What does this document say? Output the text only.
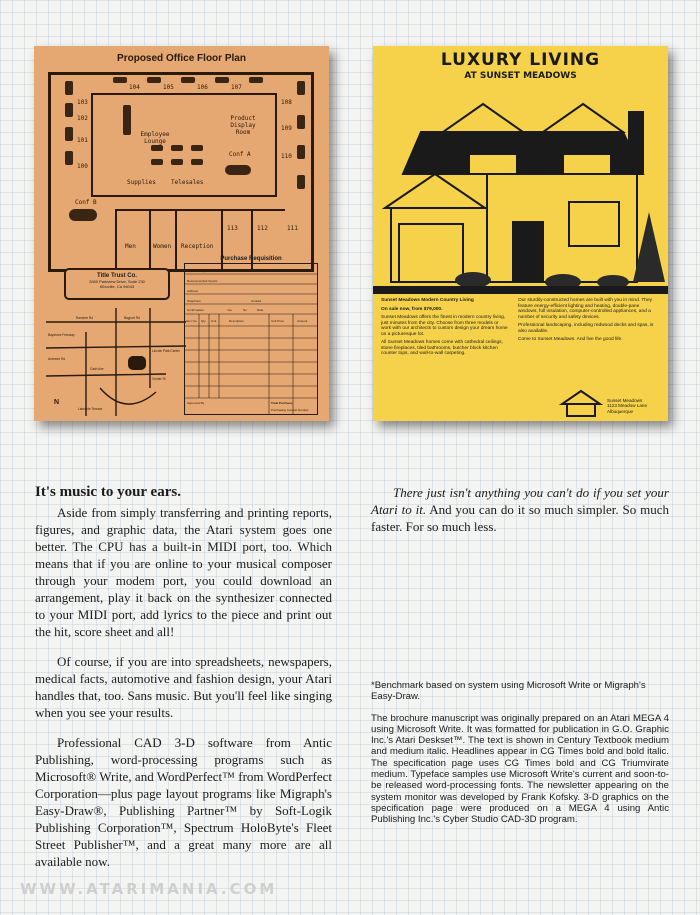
Proposed Office Floor Plan
103
104	105	106	107
108
102
101
100
Employee Lounge
Product Display Room
Conf A
109
110
Supplies	Telesales
Conf B
Men	Women Reception
113	112	111
Title Trust Co.
2650 Parkview Drive, Suite 230
Kiboville, Ca 94043
Bayshore Freeway
Rancher Rd	Bayport Rd
Ardmore Rd
Cash Ave
Lincoln Park Center
Center St
Lakeside Terrace
N
Purchase Requisition
Submitted By	Date	Phone Ext
Recommended Vendor
Address
Telephone	Contact
Confirmation	Yes	No	Date
Item No. Qty Unit	Description	Unit Price	Amount
Approved By	Total Purchase
Purchasing Contact Number
LUXURY LIVING
AT SUNSET MEADOWS

Sunset Meadows Modern Country Living

On sale now, from $79,000.

Sunset Meadows offers the finest in modern country living, just minutes from the city. Choose from three models or work with our architects to custom design your dream home on a picturesque lot.

All Sunset Meadows homes come with cathedral ceilings, stone fireplaces, tiled bathrooms, butcher block kitchen counter tops, and wall-to-wall carpeting.

Our sturdily-constructed homes are built with you in mind. They feature energy-efficient lighting and heating, double-pane windows, full insulation, computer-controlled appliances, and a number of security and safety devices.

Professional landscaping, including redwood decks and spas, is also available.

Come to Sunset Meadows. And live the good life.

Sunset Meadows
1123 Meadow Lane
Albuquerque
It's music to your ears.

Aside from simply transferring and printing reports, figures, and graphic data, the Atari system goes one better. The CPU has a built-in MIDI port, too. Which means that if you are online to your musical composer through your modem port, you could download an arrangement, play it back on the synthesizer connected to your MIDI port, add lyrics to the piece and print out the hit, score sheet and all!

Of course, if you are into spreadsheets, newspapers, medical facts, automotive and fashion design, your Atari handles that, too. Sans music. But you'll feel like singing when you see your results.

Professional CAD 3-D software from Antic Publishing, word-processing programs such as Microsoft® Write, and WordPerfect™ from WordPerfect Corporation—plus page layout programs like Migraph's Easy-Draw®, Publishing Partner™ by Soft-Logik Publishing Corporation™, Spectrum HoloByte's Fleet Street Publisher™, and a great many more are all available now.

There just isn't anything you can't do if you set your Atari to it. And you can do it so much simpler. So much faster. For so much less.

*Benchmark based on system using Microsoft Write or Migraph's Easy-Draw.

The brochure manuscript was originally prepared on an Atari MEGA 4 using Microsoft Write. It was formatted for publication in G.O. Graphic Inc.'s Atari Deskset™. The text is shown in Century Textbook medium and medium italic. Headlines appear in CG Times bold and bold italic. The specification page uses CG Times bold and CG Triumvirate medium. Typeface samples use Microsoft Write's current and soon-to-be released word-processing fonts. The newsletter appearing on the system monitor was developed by Frank Kofsky. 3-D graphics on the specification page were produced on a MEGA 4 using Antic Publishing Inc.'s Cyber Studio CAD-3D program.

WWW.ATARIMANIA.COM
